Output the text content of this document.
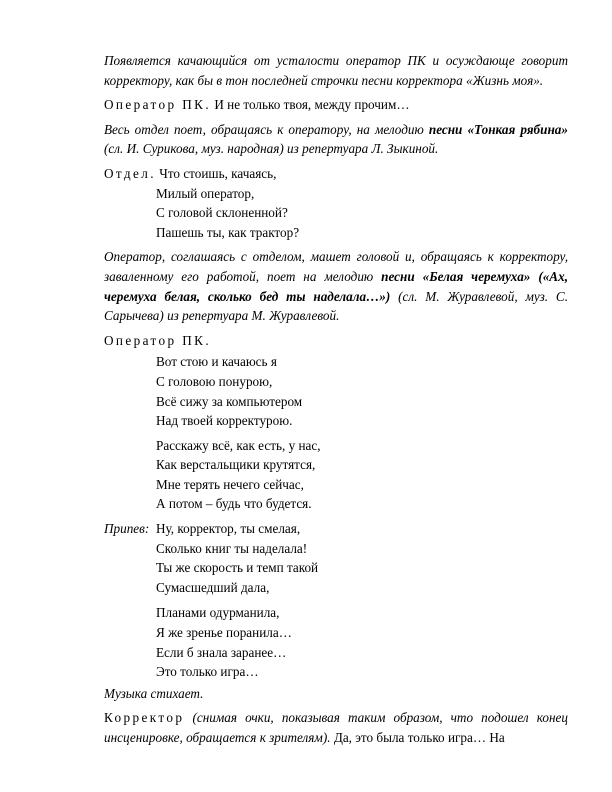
Появляется качающийся от усталости оператор ПК и осуждающе говорит корректору, как бы в тон последней строчки песни корректора «Жизнь моя».

Оператор ПК. И не только твоя, между прочим…

Весь отдел поет, обращаясь к оператору, на мелодию песни «Тонкая рябина» (сл. И. Сурикова, муз. народная) из репертуара Л. Зыкиной.

Отдел. Что стоишь, качаясь,
Милый оператор,
С головой склоненной?
Пашешь ты, как трактор?

Оператор, соглашаясь с отделом, машет головой и, обращаясь к корректору, заваленному его работой, поет на мелодию песни «Белая черемуха» («Ах, черемуха белая, сколько бед ты наделала…») (сл. М. Журавлевой, муз. С. Сарычева) из репертуара М. Журавлевой.

Оператор ПК.

Вот стою и качаюсь я
С головою понурою,
Всё сижу за компьютером
Над твоей корректурою.
Расскажу всё, как есть, у нас,
Как верстальщики крутятся,
Мне терять нечего сейчас,
А потом – будь что будется.
Припев: Ну, корректор, ты смелая,
Сколько книг ты наделала!
Ты же скорость и темп такой
Сумасшедший дала,
Планами одурманила,
Я же зренье поранила…
Если б знала заранее…
Это только игра…

Музыка стихает.

Корректор (снимая очки, показывая таким образом, что подошел конец инсценировке, обращается к зрителям). Да, это была только игра… На
